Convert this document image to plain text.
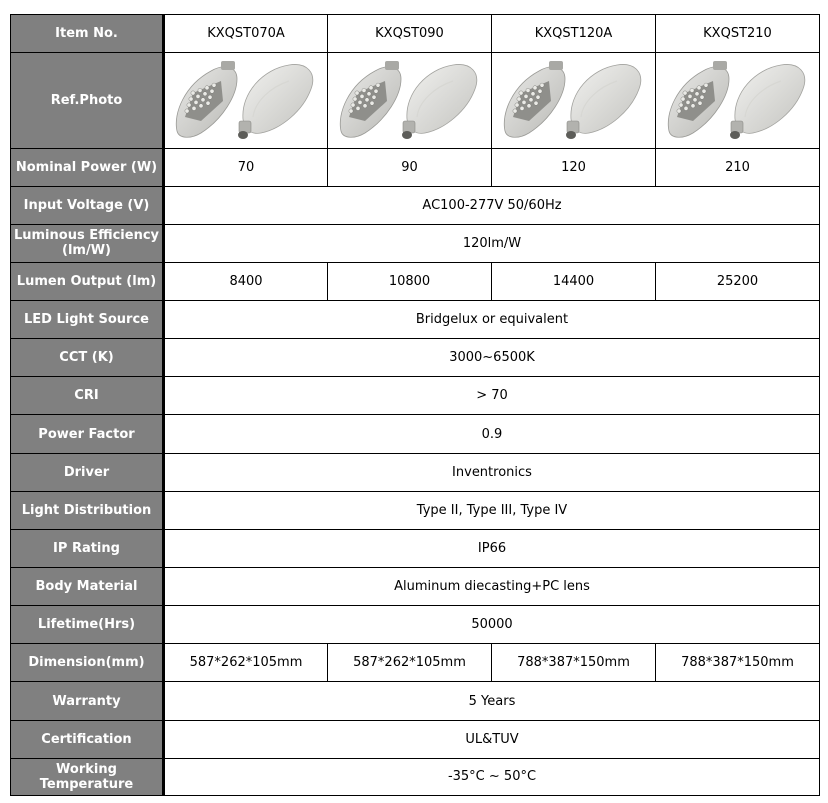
Item No.	KXQST070A	KXQST090	KXQST120A	KXQST210
Ref.Photo	

Nominal Power (W)	70	90	120	210
Input Voltage (V)	AC100-277V 50/60Hz			
Luminous Efficiency (lm/W)	120lm/W			
Lumen Output (lm)	8400	10800	14400	25200
LED Light Source	Bridgelux or equivalent			
CCT (K)	3000~6500K			
CRI	> 70			
Power Factor	0.9			
Driver	Inventronics			
Light Distribution	Type II, Type III, Type IV			
IP Rating	IP66			
Body Material	Aluminum diecasting+PC lens			
Lifetime(Hrs)	50000			
Dimension(mm)	587*262*105mm	587*262*105mm	788*387*150mm	788*387*150mm
Warranty	5 Years			
Certification	UL&TUV			
Working Temperature	-35°C ~ 50°C			
